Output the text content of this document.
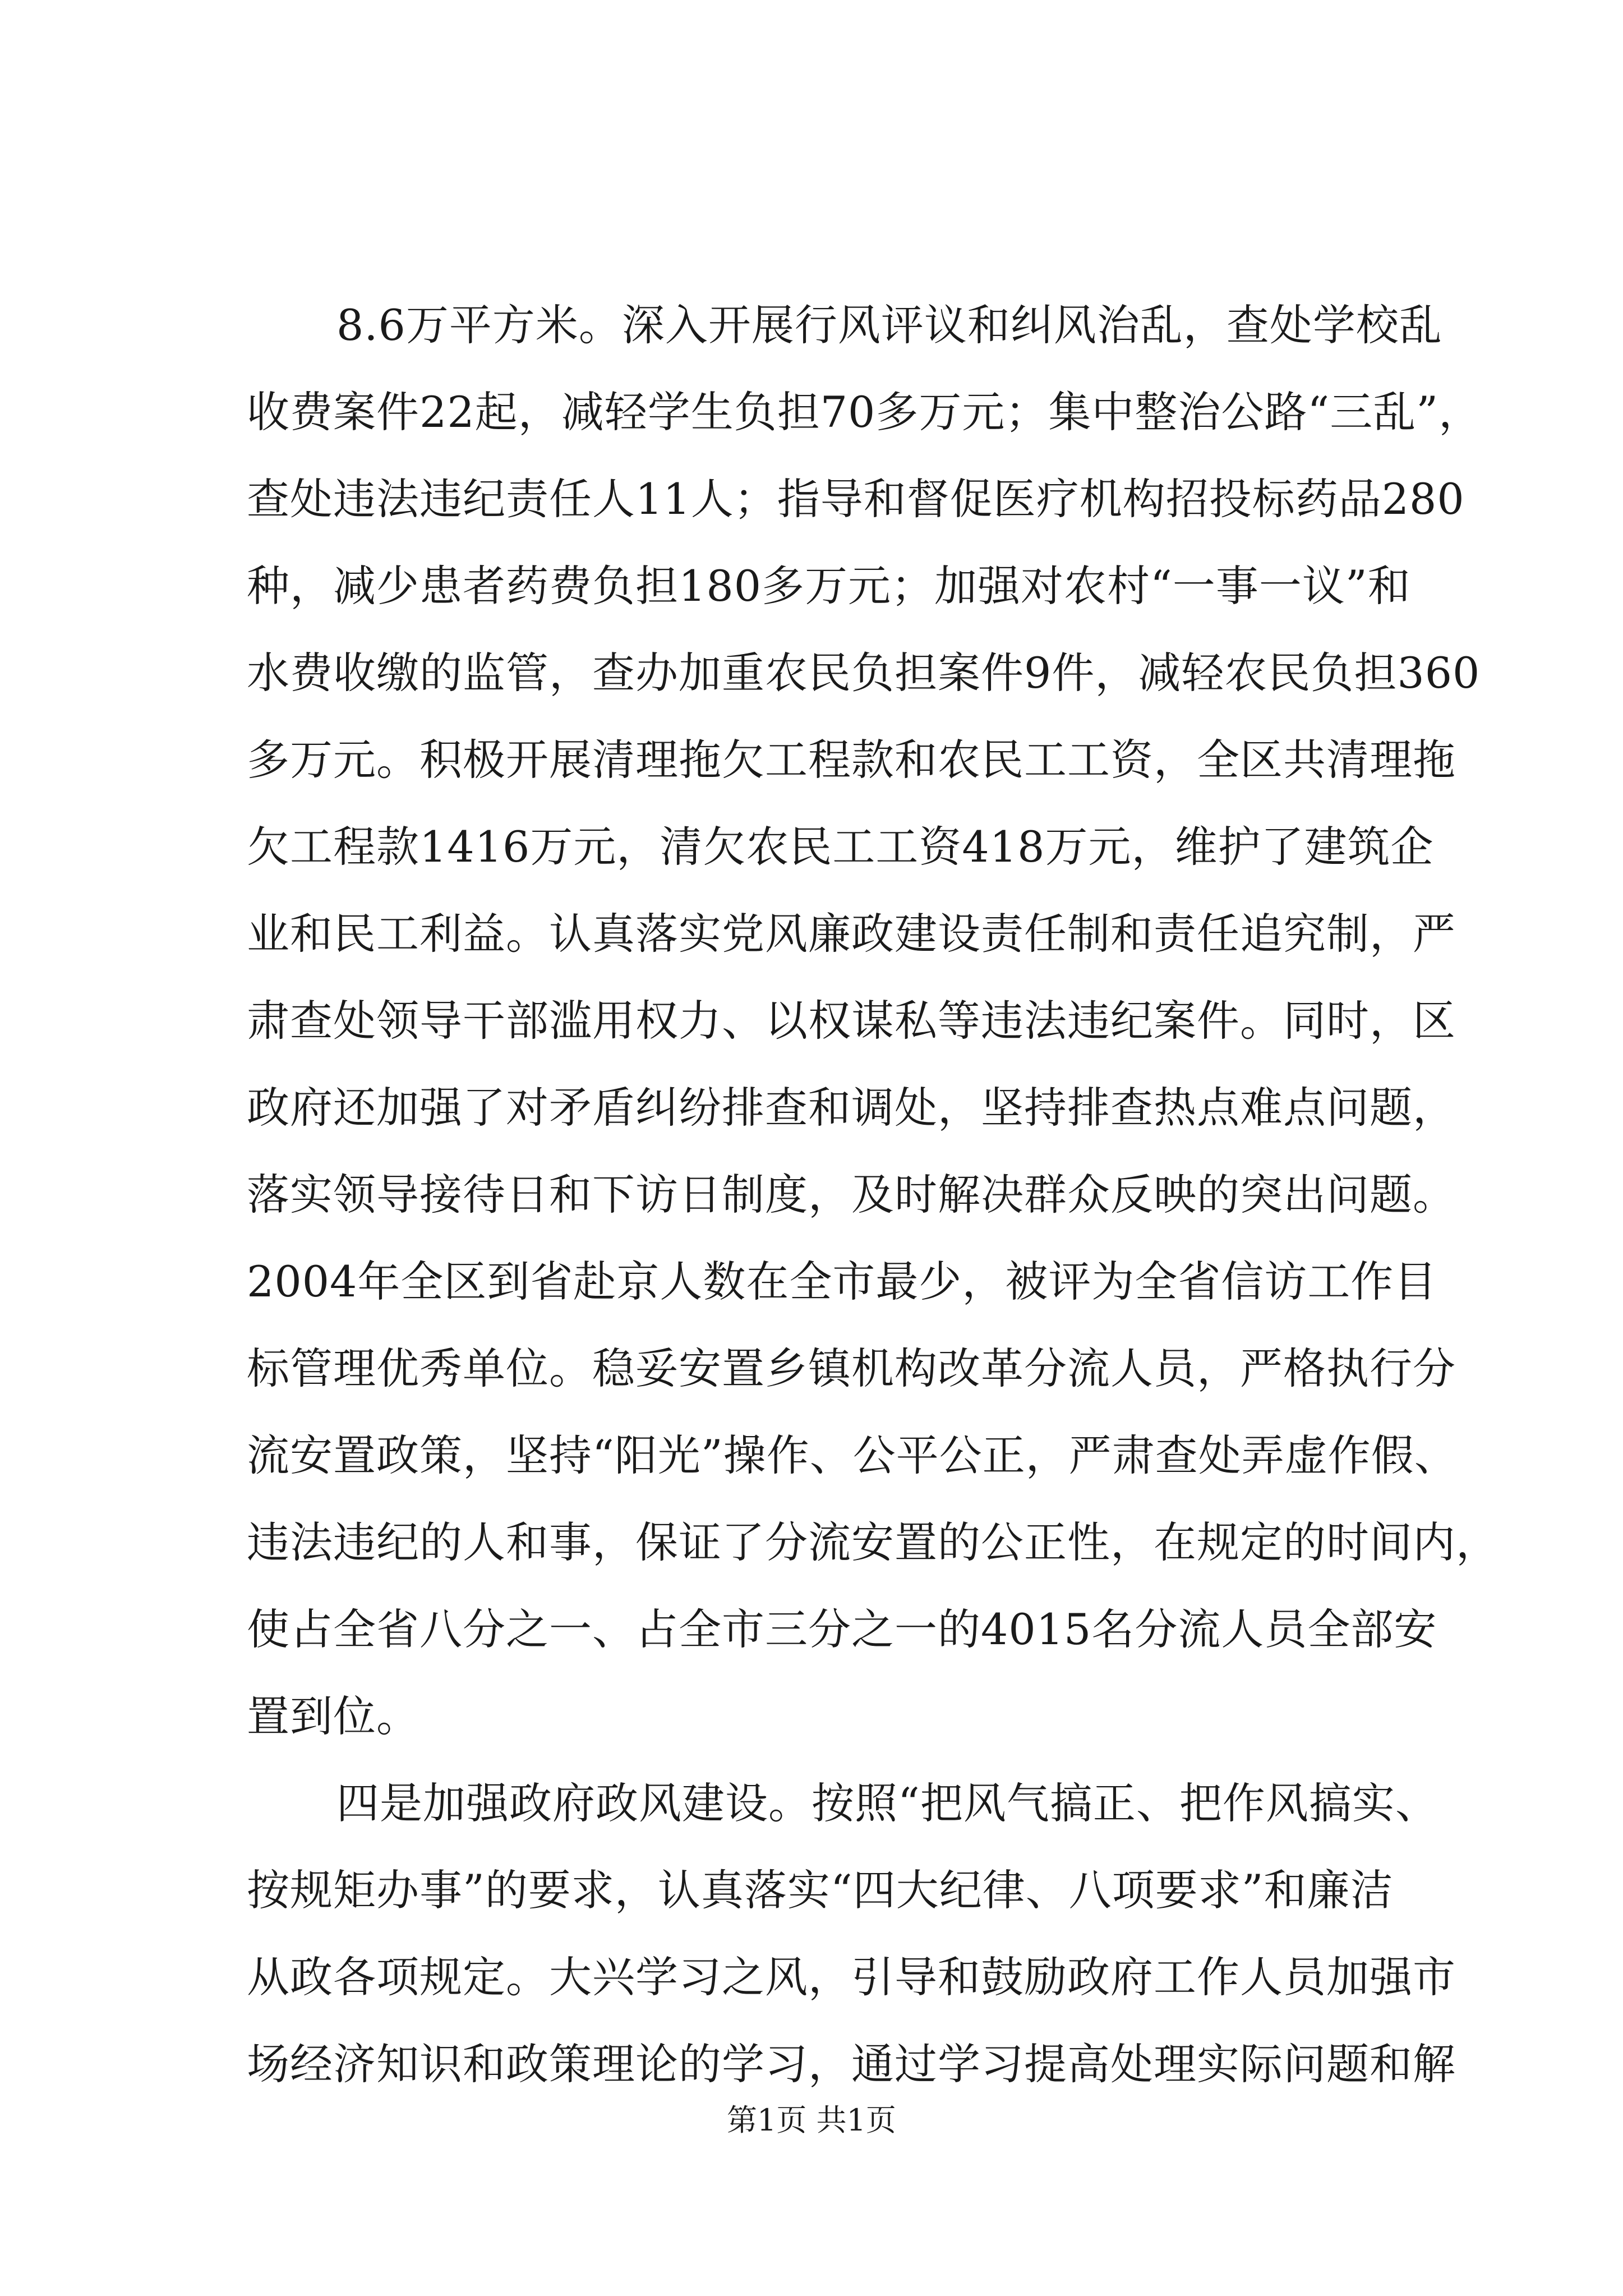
8.6万平方米。深入开展行风评议和纠风治乱，查处学校乱
收费案件22起，减轻学生负担70多万元；集中整治公路“三乱”，
查处违法违纪责任人11人；指导和督促医疗机构招投标药品280
种，减少患者药费负担180多万元；加强对农村“一事一议”和
水费收缴的监管，查办加重农民负担案件9件，减轻农民负担360
多万元。积极开展清理拖欠工程款和农民工工资，全区共清理拖
欠工程款1416万元，清欠农民工工资418万元，维护了建筑企
业和民工利益。认真落实党风廉政建设责任制和责任追究制，严
肃查处领导干部滥用权力、以权谋私等违法违纪案件。同时，区
政府还加强了对矛盾纠纷排查和调处，坚持排查热点难点问题，
落实领导接待日和下访日制度，及时解决群众反映的突出问题。
2004年全区到省赴京人数在全市最少，被评为全省信访工作目
标管理优秀单位。稳妥安置乡镇机构改革分流人员，严格执行分
流安置政策，坚持“阳光”操作、公平公正，严肃查处弄虚作假、
违法违纪的人和事，保证了分流安置的公正性，在规定的时间内，
使占全省八分之一、占全市三分之一的4015名分流人员全部安
置到位。
四是加强政府政风建设。按照“把风气搞正、把作风搞实、
按规矩办事”的要求，认真落实“四大纪律、八项要求”和廉洁
从政各项规定。大兴学习之风，引导和鼓励政府工作人员加强市
场经济知识和政策理论的学习，通过学习提高处理实际问题和解
第1页 共1页
